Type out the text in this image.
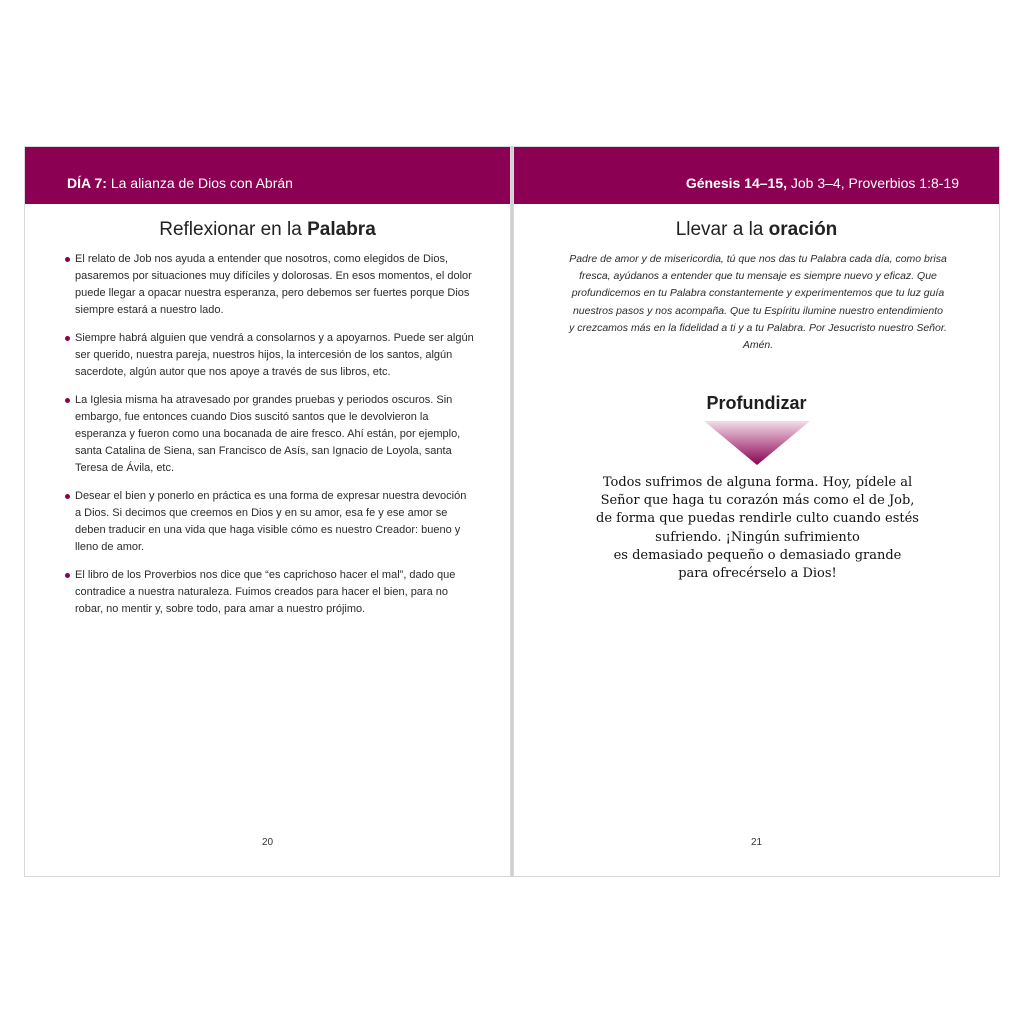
DÍA 7: La alianza de Dios con Abrán
Reflexionar en la Palabra
El relato de Job nos ayuda a entender que nosotros, como elegidos de Dios, pasaremos por situaciones muy difíciles y dolorosas. En esos momentos, el dolor puede llegar a opacar nuestra esperanza, pero debemos ser fuertes porque Dios siempre estará a nuestro lado.
Siempre habrá alguien que vendrá a consolarnos y a apoyarnos. Puede ser algún ser querido, nuestra pareja, nuestros hijos, la intercesión de los santos, algún sacerdote, algún autor que nos apoye a través de sus libros, etc.
La Iglesia misma ha atravesado por grandes pruebas y periodos oscuros. Sin embargo, fue entonces cuando Dios suscitó santos que le devolvieron la esperanza y fueron como una bocanada de aire fresco. Ahí están, por ejemplo, santa Catalina de Siena, san Francisco de Asís, san Ignacio de Loyola, santa Teresa de Ávila, etc.
Desear el bien y ponerlo en práctica es una forma de expresar nuestra devoción a Dios. Si decimos que creemos en Dios y en su amor, esa fe y ese amor se deben traducir en una vida que haga visible cómo es nuestro Creador: bueno y lleno de amor.
El libro de los Proverbios nos dice que “es caprichoso hacer el mal”, dado que contradice a nuestra naturaleza. Fuimos creados para hacer el bien, para no robar, no mentir y, sobre todo, para amar a nuestro prójimo.
20
Génesis 14–15, Job 3–4, Proverbios 1:8-19
Llevar a la oración
Padre de amor y de misericordia, tú que nos das tu Palabra cada día, como brisa
fresca, ayúdanos a entender que tu mensaje es siempre nuevo y eficaz. Que
profundicemos en tu Palabra constantemente y experimentemos que tu luz guía
nuestros pasos y nos acompaña. Que tu Espíritu ilumine nuestro entendimiento
y crezcamos más en la fidelidad a ti y a tu Palabra. Por Jesucristo nuestro Señor.
Amén.
Profundizar
Todos sufrimos de alguna forma. Hoy, pídele al
Señor que haga tu corazón más como el de Job,
de forma que puedas rendirle culto cuando estés
sufriendo. ¡Ningún sufrimiento
es demasiado pequeño o demasiado grande
para ofrecérselo a Dios!
21
